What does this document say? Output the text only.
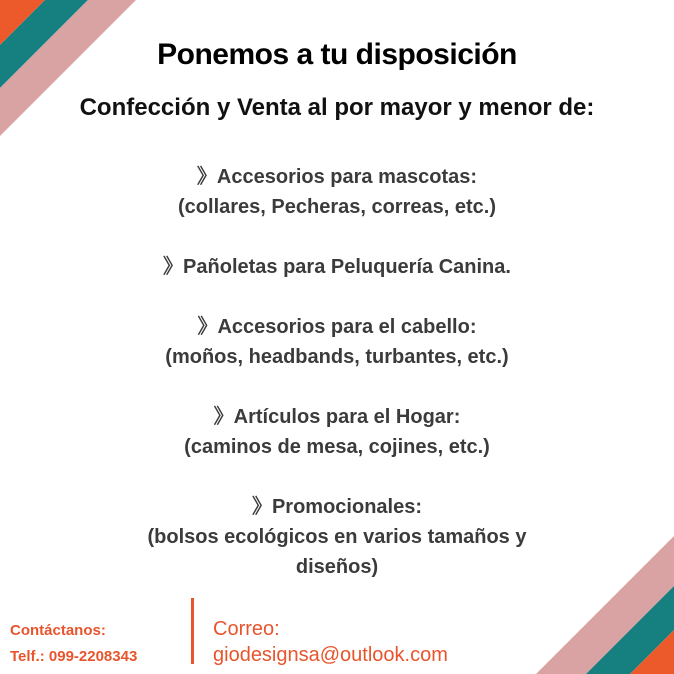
Ponemos a tu disposición
Confección y Venta al por mayor y menor de:
》Accesorios para mascotas:
(collares, Pecheras, correas, etc.)
》Pañoletas para Peluquería Canina.
》Accesorios para el cabello:
(moños, headbands, turbantes, etc.)
》Artículos para el Hogar:
(caminos de mesa, cojines, etc.)
》Promocionales:
(bolsos ecológicos en varios tamaños y
diseños)
Contáctanos:
Telf.: 099-2208343
Correo:
giodesignsa@outlook.com
